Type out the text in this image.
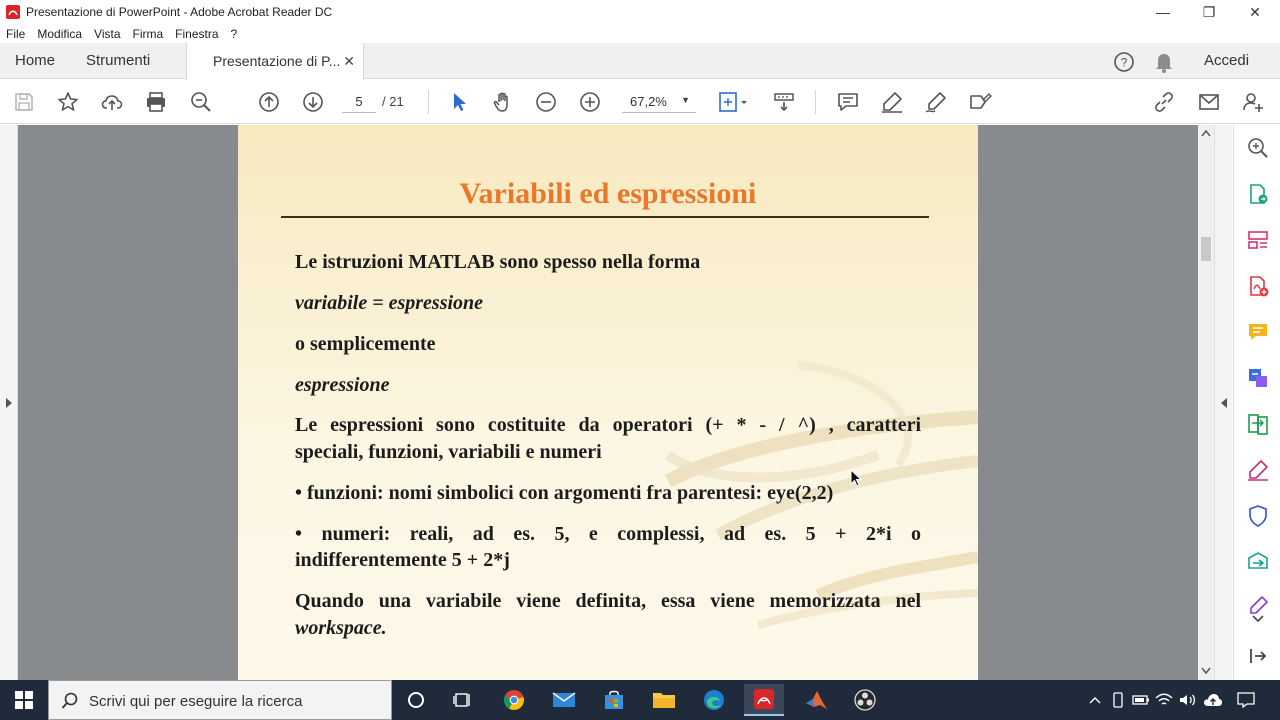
Presentazione di PowerPoint - Adobe Acrobat Reader DC	—	❐	✕
File Modifica Vista Firma Finestra ?
Home Strumenti	Presentazione di P... ✕	?	Accedi
5
/ 21	67,2% ▼
Variabili ed espressioni
Le istruzioni MATLAB sono spesso nella forma
variabile = espressione
o semplicemente
espressione
Le espressioni sono costituite da operatori (+ * - / ^) , caratteri
speciali, funzioni, variabili e numeri
• funzioni: nomi simbolici con argomenti fra parentesi: eye(2,2)
• numeri: reali, ad es. 5, e complessi, ad es. 5 + 2*i o
indifferentemente 5 + 2*j
Quando una variabile viene definita, essa viene memorizzata nel
workspace.
Scrivi qui per eseguire la ricerca
